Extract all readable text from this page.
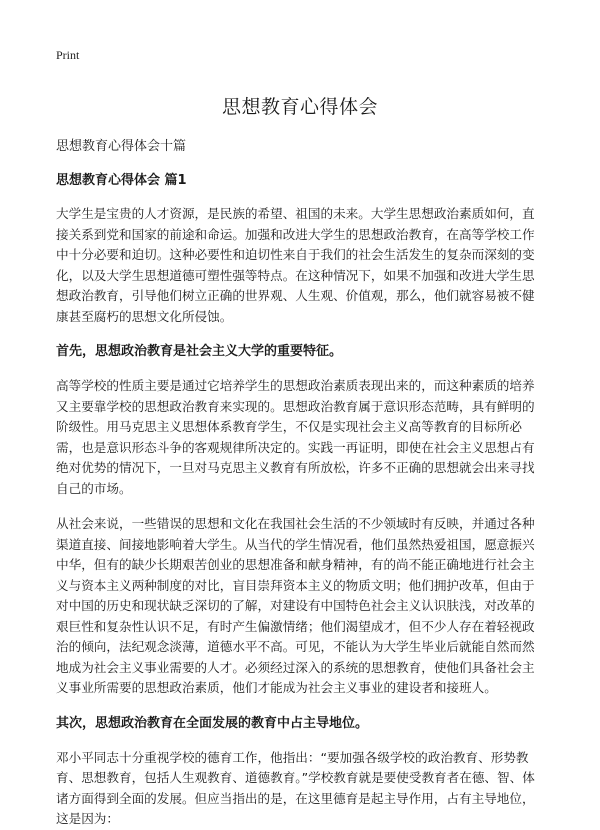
Print
思想教育心得体会

思想教育心得体会十篇

思想教育心得体会 篇1

大学生是宝贵的人才资源，是民族的希望、祖国的未来。大学生思想政治素质如何，直接关系到党和国家的前途和命运。加强和改进大学生的思想政治教育，在高等学校工作中十分必要和迫切。这种必要性和迫切性来自于我们的社会生活发生的复杂而深刻的变化，以及大学生思想道德可塑性强等特点。在这种情况下，如果不加强和改进大学生思想政治教育，引导他们树立正确的世界观、人生观、价值观，那么，他们就容易被不健康甚至腐朽的思想文化所侵蚀。

首先，思想政治教育是社会主义大学的重要特征。

高等学校的性质主要是通过它培养学生的思想政治素质表现出来的，而这种素质的培养又主要靠学校的思想政治教育来实现的。思想政治教育属于意识形态范畴，具有鲜明的阶级性。用马克思主义思想体系教育学生，不仅是实现社会主义高等教育的目标所必需，也是意识形态斗争的客观规律所决定的。实践一再证明，即使在社会主义思想占有绝对优势的情况下，一旦对马克思主义教育有所放松，许多不正确的思想就会出来寻找自己的市场。

从社会来说，一些错误的思想和文化在我国社会生活的不少领域时有反映，并通过各种渠道直接、间接地影响着大学生。从当代的学生情况看，他们虽然热爱祖国，愿意振兴中华，但有的缺少长期艰苦创业的思想准备和献身精神，有的尚不能正确地进行社会主义与资本主义两种制度的对比，盲目崇拜资本主义的物质文明；他们拥护改革，但由于对中国的历史和现状缺乏深切的了解，对建设有中国特色社会主义认识肤浅，对改革的艰巨性和复杂性认识不足，有时产生偏激情绪；他们渴望成才，但不少人存在着轻视政治的倾向，法纪观念淡薄，道德水平不高。可见，不能认为大学生毕业后就能自然而然地成为社会主义事业需要的人才。必须经过深入的系统的思想教育，使他们具备社会主义事业所需要的思想政治素质，他们才能成为社会主义事业的建设者和接班人。

其次，思想政治教育在全面发展的教育中占主导地位。

邓小平同志十分重视学校的德育工作，他指出：“要加强各级学校的政治教育、形势教育、思想教育，包括人生观教育、道德教育。”学校教育就是要使受教育者在德、智、体诸方面得到全面的发展。但应当指出的是，在这里德育是起主导作用，占有主导地位，这是因为：
